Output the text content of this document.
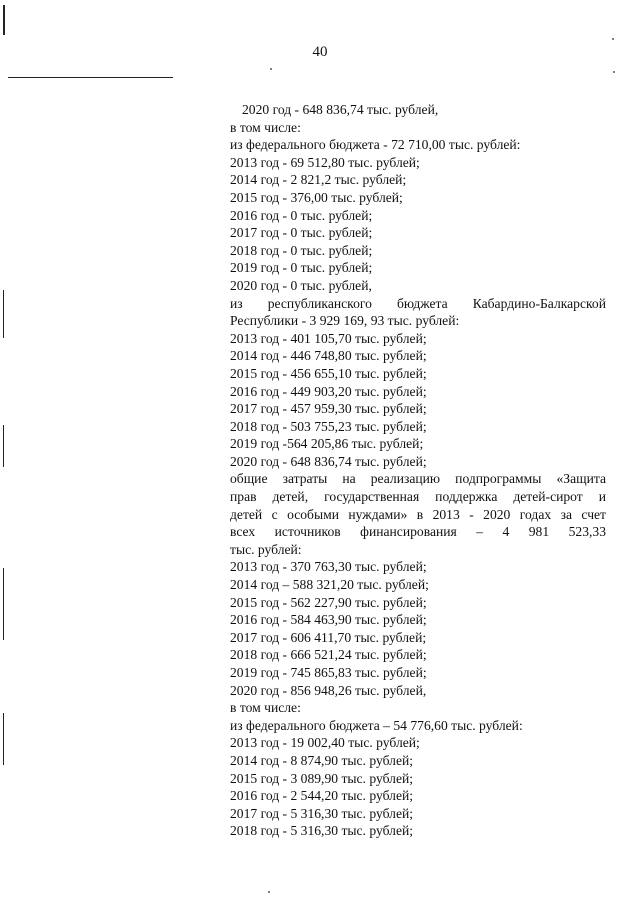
40
2020 год - 648 836,74 тыс. рублей,
в том числе:
из федерального бюджета - 72 710,00 тыс. рублей:
2013 год - 69 512,80 тыс. рублей;
2014 год - 2 821,2 тыс. рублей;
2015 год - 376,00 тыс. рублей;
2016 год - 0 тыс. рублей;
2017 год - 0 тыс. рублей;
2018 год - 0 тыс. рублей;
2019 год - 0 тыс. рублей;
2020 год - 0 тыс. рублей,
из республиканского бюджета Кабардино-Балкарской
Республики - 3 929 169, 93 тыс. рублей:
2013 год - 401 105,70 тыс. рублей;
2014 год - 446 748,80 тыс. рублей;
2015 год - 456 655,10 тыс. рублей;
2016 год - 449 903,20 тыс. рублей;
2017 год - 457 959,30 тыс. рублей;
2018 год - 503 755,23 тыс. рублей;
2019 год -564 205,86 тыс. рублей;
2020 год - 648 836,74 тыс. рублей;
общие затраты на реализацию подпрограммы «Защита
прав детей, государственная поддержка детей-сирот и
детей с особыми нуждами» в 2013 - 2020 годах за счет
всех источников финансирования – 4 981 523,33
тыс. рублей:
2013 год - 370 763,30 тыс. рублей;
2014 год – 588 321,20 тыс. рублей;
2015 год - 562 227,90 тыс. рублей;
2016 год - 584 463,90 тыс. рублей;
2017 год - 606 411,70 тыс. рублей;
2018 год - 666 521,24 тыс. рублей;
2019 год - 745 865,83 тыс. рублей;
2020 год - 856 948,26 тыс. рублей,
в том числе:
из федерального бюджета – 54 776,60 тыс. рублей:
2013 год - 19 002,40 тыс. рублей;
2014 год - 8 874,90 тыс. рублей;
2015 год - 3 089,90 тыс. рублей;
2016 год - 2 544,20 тыс. рублей;
2017 год - 5 316,30 тыс. рублей;
2018 год - 5 316,30 тыс. рублей;
